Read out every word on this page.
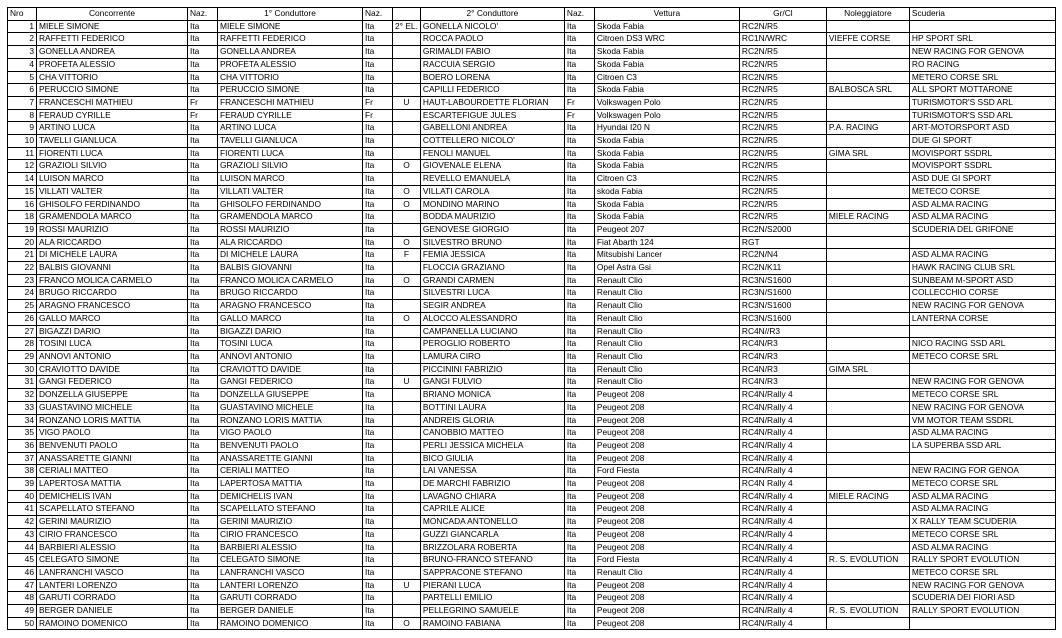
Nro	Concorrente	Naz.	1° Conduttore	Naz.		2° Conduttore	Naz.	Vettura	Gr/Cl	Noleggiatore	Scuderia
1	MIELE SIMONE	Ita	MIELE SIMONE	Ita	2° EL.	GONELLA NICOLO'	Ita	Skoda Fabia	RC2N/R5		
2	RAFFETTI FEDERICO	Ita	RAFFETTI FEDERICO	Ita		ROCCA PAOLO	Ita	Citroen DS3 WRC	RC1N/WRC	VIEFFE CORSE	HP SPORT SRL
3	GONELLA ANDREA	Ita	GONELLA ANDREA	Ita		GRIMALDI FABIO	Ita	Skoda Fabia	RC2N/R5		NEW RACING FOR GENOVA
4	PROFETA ALESSIO	Ita	PROFETA ALESSIO	Ita		RACCUIA SERGIO	Ita	Skoda Fabia	RC2N/R5		RO RACING
5	CHA VITTORIO	Ita	CHA VITTORIO	Ita		BOERO LORENA	Ita	Citroen C3	RC2N/R5		METERO CORSE SRL
6	PERUCCIO SIMONE	Ita	PERUCCIO SIMONE	Ita		CAPILLI FEDERICO	Ita	Skoda Fabia	RC2N/R5	BALBOSCA SRL	ALL SPORT MOTTARONE
7	FRANCESCHI MATHIEU	Fr	FRANCESCHI MATHIEU	Fr	U	HAUT-LABOURDETTE FLORIAN	Fr	Volkswagen Polo	RC2N/R5		TURISMOTOR'S SSD ARL
8	FERAUD CYRILLE	Fr	FERAUD CYRILLE	Fr		ESCARTEFIGUE JULES	Fr	Volkswagen Polo	RC2N/R5		TURISMOTOR'S SSD ARL
9	ARTINO LUCA	Ita	ARTINO LUCA	Ita		GABELLONI ANDREA	Ita	Hyundai I20 N	RC2N/R5	P.A. RACING	ART-MOTORSPORT ASD
10	TAVELLI GIANLUCA	Ita	TAVELLI GIANLUCA	Ita		COTTELLERO NICOLO'	Ita	Skoda Fabia	RC2N/R5		DUE GI SPORT
11	FIORENTI LUCA	Ita	FIORENTI LUCA	Ita		FENOLI MANUEL	Ita	Skoda Fabia	RC2N/R5	GIMA SRL	MOVISPORT SSDRL
12	GRAZIOLI SILVIO	Ita	GRAZIOLI SILVIO	Ita	O	GIOVENALE ELENA	Ita	Skoda Fabia	RC2N/R5		MOVISPORT SSDRL
14	LUISON MARCO	Ita	LUISON MARCO	Ita		REVELLO EMANUELA	Ita	Citroen C3	RC2N/R5		ASD DUE GI SPORT
15	VILLATI VALTER	Ita	VILLATI VALTER	Ita	O	VILLATI CAROLA	Ita	skoda Fabia	RC2N/R5		METECO CORSE
16	GHISOLFO FERDINANDO	Ita	GHISOLFO FERDINANDO	Ita	O	MONDINO MARINO	Ita	Skoda Fabia	RC2N/R5		ASD ALMA RACING
18	GRAMENDOLA MARCO	Ita	GRAMENDOLA MARCO	Ita		BODDA MAURIZIO	Ita	Skoda Fabia	RC2N/R5	MIELE RACING	ASD ALMA RACING
19	ROSSI MAURIZIO	Ita	ROSSI MAURIZIO	Ita		GENOVESE GIORGIO	Ita	Peugeot 207	RC2N/S2000		SCUDERIA DEL GRIFONE
20	ALA RICCARDO	Ita	ALA RICCARDO	Ita	O	SILVESTRO BRUNO	Ita	Fiat Abarth 124	RGT		
21	DI MICHELE LAURA	Ita	DI MICHELE LAURA	Ita	F	FEMIA JESSICA	Ita	Mitsubishi Lancer	RC2N/N4		ASD ALMA RACING
22	BALBIS GIOVANNI	Ita	BALBIS GIOVANNI	Ita		FLOCCIA GRAZIANO	Ita	Opel Astra Gsi	RC2N/K11		HAWK RACING CLUB SRL
23	FRANCO MOLICA CARMELO	Ita	FRANCO MOLICA CARMELO	Ita	O	GRANDI CARMEN	Ita	Renault Clio	RC3N/S1600		SUNBEAM M-SPORT ASD
24	BRUGO RICCARDO	Ita	BRUGO RICCARDO	Ita		SILVESTRI LUCA	Ita	Renault Clio	RC3N/S1600		COLLECCHIO CORSE
25	ARAGNO FRANCESCO	Ita	ARAGNO FRANCESCO	Ita		SEGIR ANDREA	Ita	Renault Clio	RC3N/S1600		NEW RACING FOR GENOVA
26	GALLO MARCO	Ita	GALLO MARCO	Ita	O	ALOCCO ALESSANDRO	Ita	Renault Clio	RC3N/S1600		LANTERNA CORSE
27	BIGAZZI DARIO	Ita	BIGAZZI DARIO	Ita		CAMPANELLA LUCIANO	Ita	Renault Clio	RC4N//R3		
28	TOSINI LUCA	Ita	TOSINI LUCA	Ita		PEROGLIO ROBERTO	Ita	Renault Clio	RC4N/R3		NICO RACING SSD ARL
29	ANNOVI ANTONIO	Ita	ANNOVI ANTONIO	Ita		LAMURA CIRO	Ita	Renault Clio	RC4N/R3		METECO CORSE SRL
30	CRAVIOTTO DAVIDE	Ita	CRAVIOTTO DAVIDE	Ita		PICCININI FABRIZIO	Ita	Renault Clio	RC4N/R3	GIMA SRL	
31	GANGI FEDERICO	Ita	GANGI FEDERICO	Ita	U	GANGI FULVIO	Ita	Renault Clio	RC4N/R3		NEW RACING FOR GENOVA
32	DONZELLA GIUSEPPE	Ita	DONZELLA GIUSEPPE	Ita		BRIANO MONICA	Ita	Peugeot 208	RC4N/Rally 4		METECO CORSE SRL
33	GUASTAVINO MICHELE	Ita	GUASTAVINO MICHELE	Ita		BOTTINI LAURA	Ita	Peugeot 208	RC4N/Rally 4		NEW RACING FOR GENOVA
34	RONZANO LORIS MATTIA	Ita	RONZANO LORIS MATTIA	Ita		ANDREIS GLORIA	Ita	Peugeot 208	RC4N/Rally 4		VM MOTOR TEAM SSDRL
35	VIGO PAOLO	Ita	VIGO PAOLO	Ita		CANOBBIO MATTEO	Ita	Peugeot 208	RC4N/Rally 4		ASD ALMA RACING
36	BENVENUTI PAOLO	Ita	BENVENUTI PAOLO	Ita		PERLI JESSICA MICHELA	Ita	Peugeot 208	RC4N/Rally 4		LA SUPERBA SSD ARL
37	ANASSARETTE GIANNI	Ita	ANASSARETTE GIANNI	Ita		BICO GIULIA	Ita	Peugeot 208	RC4N/Rally 4		
38	CERIALI MATTEO	Ita	CERIALI MATTEO	Ita		LAI VANESSA	Ita	Ford Fiesta	RC4N/Rally 4		NEW RACING FOR GENOA
39	LAPERTOSA MATTIA	Ita	LAPERTOSA MATTIA	Ita		DE MARCHI FABRIZIO	Ita	Peugeot 208	RC4N Rally 4		METECO CORSE SRL
40	DEMICHELIS IVAN	Ita	DEMICHELIS IVAN	Ita		LAVAGNO CHIARA	Ita	Peugeot 208	RC4N/Rally 4	MIELE RACING	ASD ALMA RACING
41	SCAPELLATO STEFANO	Ita	SCAPELLATO STEFANO	Ita		CAPRILE ALICE	Ita	Peugeot 208	RC4N/Rally 4		ASD ALMA RACING
42	GERINI MAURIZIO	Ita	GERINI MAURIZIO	Ita		MONCADA ANTONELLO	Ita	Peugeot 208	RC4N/Rally 4		X RALLY TEAM SCUDERIA
43	CIRIO FRANCESCO	Ita	CIRIO FRANCESCO	Ita		GUZZI GIANCARLA	Ita	Peugeot 208	RC4N/Rally 4		METECO CORSE SRL
44	BARBIERI ALESSIO	Ita	BARBIERI ALESSIO	Ita		BRIZZOLARA ROBERTA	Ita	Peugeot 208	RC4N/Rally 4		ASD ALMA RACING
45	CELEGATO SIMONE	Ita	CELEGATO SIMONE	Ita		BRUNO-FRANCO STEFANO	Ita	Ford Fiesta	RC4N/Rally 4	R. S. EVOLUTION	RALLY SPORT EVOLUTION
46	LANFRANCHI VASCO	Ita	LANFRANCHI VASCO	Ita		SAPPRACONE STEFANO	Ita	Renault Clio	RC4N/Rally 4		METECO CORSE SRL
47	LANTERI LORENZO	Ita	LANTERI LORENZO	Ita	U	PIERANI LUCA	Ita	Peugeot 208	RC4N/Rally 4		NEW RACING FOR GENOVA
48	GARUTI CORRADO	Ita	GARUTI CORRADO	Ita		PARTELLI EMILIO	Ita	Peugeot 208	RC4N/Rally 4		SCUDERIA DEI FIORI ASD
49	BERGER DANIELE	Ita	BERGER DANIELE	Ita		PELLEGRINO SAMUELE	Ita	Peugeot 208	RC4N/Rally 4	R. S. EVOLUTION	RALLY SPORT EVOLUTION
50	RAMOINO DOMENICO	Ita	RAMOINO DOMENICO	Ita	O	RAMOINO FABIANA	Ita	Peugeot 208	RC4N/Rally 4		
